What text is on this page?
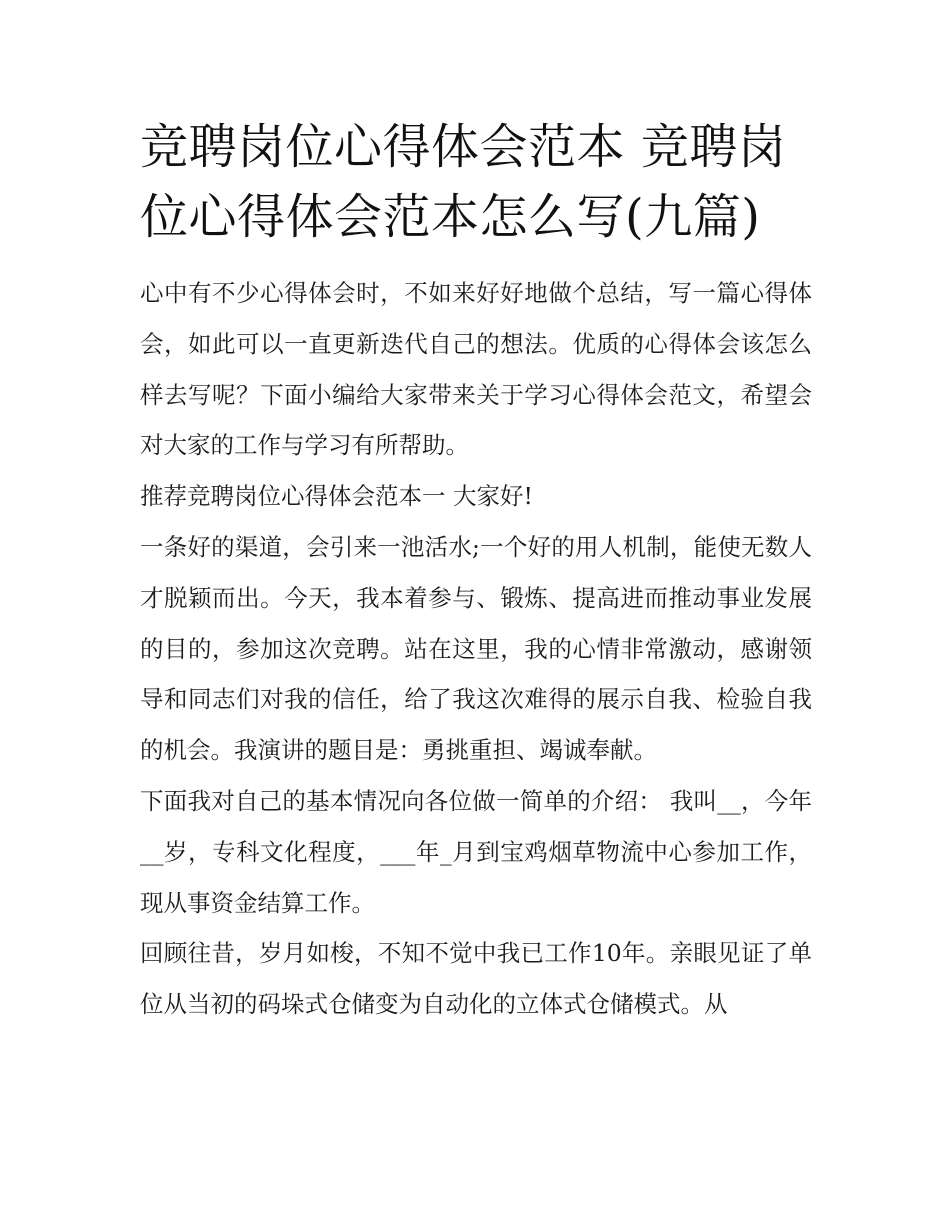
竞聘岗位心得体会范本 竞聘岗位心得体会范本怎么写(九篇)

心中有不少心得体会时，不如来好好地做个总结，写一篇心得体会，如此可以一直更新迭代自己的想法。优质的心得体会该怎么样去写呢？下面小编给大家带来关于学习心得体会范文，希望会对大家的工作与学习有所帮助。

推荐竞聘岗位心得体会范本一 大家好!

一条好的渠道，会引来一池活水;一个好的用人机制，能使无数人才脱颖而出。今天，我本着参与、锻炼、提高进而推动事业发展的目的，参加这次竞聘。站在这里，我的心情非常激动，感谢领导和同志们对我的信任，给了我这次难得的展示自我、检验自我的机会。我演讲的题目是：勇挑重担、竭诚奉献。

下面我对自己的基本情况向各位做一简单的介绍： 我叫__，今年__岁，专科文化程度，___年_月到宝鸡烟草物流中心参加工作，现从事资金结算工作。

回顾往昔，岁月如梭，不知不觉中我已工作10年。亲眼见证了单位从当初的码垛式仓储变为自动化的立体式仓储模式。从
